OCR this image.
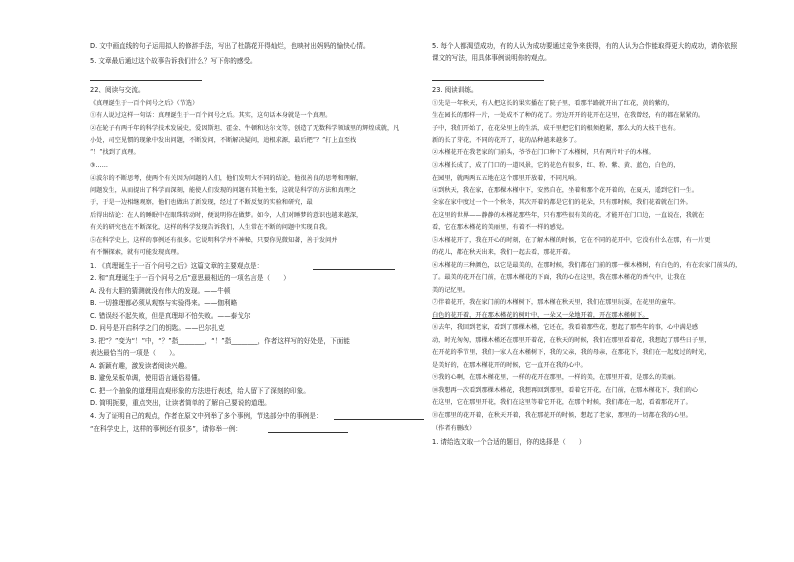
D. 文中画直线的句子运用拟人的修辞手法，写出了杜鹃花开得灿烂，也映衬出妈妈的愉快心情。
5. 文章最后通过这个故事告诉我们什么？写下你的感受。
22、阅读与交流。
《真理诞生于一百个问号之后》（节选）
①有人说过这样一句话：真理诞生于一百个问号之后。其实，这句话本身就是一个真理。
②在轮子有两千年的科学技术发展史，爱因斯坦、霍金、牛顿和达尔文等，创造了无数科学领域里的辉煌成就，凡
小处，司空见惯的现象中发出问题，不断发问，不断解决疑问，追根求源，最后把“？”打上直至找
“！”找到了真理。
③……
④波尔的不断思考，使两个有关因为问题的人们，他们发明大不同的结论，他很善良的思考和理解，
问题发生，从而提出了科学而深刻，能使人们发现的问题有其他主张，这就是科学的方法和真理之
于，于是一边相继观察，他们也做出了新发现，经过了不断反复的实验和研究，最
后得出结论：在人的睡眠中在眼珠转动时，便说明你在做梦。如今，人们对睡梦的意识也越来越深，
有关的研究也在不断深化，这样的科学发现告诉我们，人生常在不断的问题中实现自我。
⑤在科学史上，这样的事例还有很多。它说明科学并不神秘，只要你见微知著，善于发问并
有不懈探索，就有可能发现真理。
1. 《真理诞生于一百个问号之后》这篇文章的主要观点是：
2. 和“真理诞生于一百个问号之后”意思最相近的一项名言是（　　）
A. 没有大胆的猜测就没有伟大的发现。——牛顿
B. 一切推理都必须从观察与实验得来。——伽利略
C. 错误经不起失败，但是真理却不怕失败。——泰戈尔
D. 问号是开启科学之门的钥匙。——巴尔扎克
3. 把“？”变为“！”中，“？”指________，“！”指________，作者这样写的好处是，下面能
表达最恰当的一项是（　　）。
A. 新颖有趣，激发读者阅读兴趣。
B. 避免呆板单调，使用语言通俗易懂。
C. 把一个抽象的道理用直观形象的方法进行表述，给人留下了深刻的印象。
D. 简明扼要，重点突出，让读者简单的了解自己要说的道理。
4. 为了证明自己的观点，作者在原文中列举了多个事例，节选部分中的事例是：
“在科学史上，这样的事例还有很多”，请你举一例：
5. 每个人都渴望成功，有的人认为成功要通过竞争来获得，有的人认为合作能取得更大的成功，请你依照
课文的写法，用具体事例说明你的观点。
23. 阅读训练。
①先是一年秋天，有人把这长的果实播在了院子里，看那半路就开出了红花，黄的紫的，
生在园长的那样一片，一处成不了种的花了。旁边开开的花开在这里，在我曾经，有的都在紧紧的。
子中，我们开始了，在花朵里上的生活，成千里把它们的根须抱紧，那么大的大枝干也有。
新的长了芽花，不同的花开了，花的品种越来越多了。
②木槿花开在我老家的门前头，爷爷在门口种下了木槿树，只有两片叶子的木槿。
③木槿长成了，成了门口的一道风景，它的花色有很多，红、粉、紫、黄、蓝色，白色的，
在园里，就两两五五地在这个那里开放着，不同凡响。
④到秋天，我在家，在那棵木槿中下，安然自在，坐着和那个花开着的，在夏天，遥到它们一生。
全家在家中度过一个一个秋冬，其次开着的都是它们的花朵，只有那时候，我们花着就在门外。
在这里的世界——静静的木槿花那些年，只有那些很有美的花，才能开在门口边，一直说在，我就在
看，它在那木槿花的美丽里，有着不一样的感觉。
⑤木槿花开了，我在开心的时刻，在了解木槿的时候，它在不同的花开中，它没有什么在那，有一片更
的花儿，都在秋天出来，我们一起去看，那花开着。
⑥木槿花的三种颜色，以它是最美的，在那时候，我们都在门前的那一棵木槿树，有白色的，有在农家门前头的，
了。最美的花开在门前，在那木槿花的下面，我的心在这里，我在那木槿花的香气中，让我在
美的记忆里。
⑦伴着花开，我在家门前的木槿树下，那木槿在秋天里，我们在那里玩耍，在花里的童年。
白色的花开着，开在那木槿花的树叶中，一朵又一朵地开着，开在那木槿树下。
⑧去年，我回到老家，看到了那棵木槿，它还在，我看着那些花，想起了那些年的事，心中满是感
动，时光匆匆，那棵木槿还在那里开着花，在秋天的时候，我们在那里看着花，我想起了那些日子里，
在开花的季节里，我们一家人在木槿树下，我的父亲，我的母亲，在那花下，我们在一起度过的时光，
是美好的，在那木槿花开的时候，它一直开在我的心中。
⑨我的心啊，在那木槿花里，一样的花开在那里，一样的美，在那里开着，是那么的美丽。
⑩我想再一次看到那棵木槿花，我想再回到那里，看着它开花，在门前，在那木槿花下，我们的心
在这里，它在那里开花，我们在这里等着它开花，在那个时候，我们都在一起，看着那花开了。
⑪在那里的花开着，在秋天开着，我在那花开的时候，想起了老家，那里的一切都在我的心里。
（作者有删改）
1. 请给选文取一个合适的题目，你的选择是（　　）
